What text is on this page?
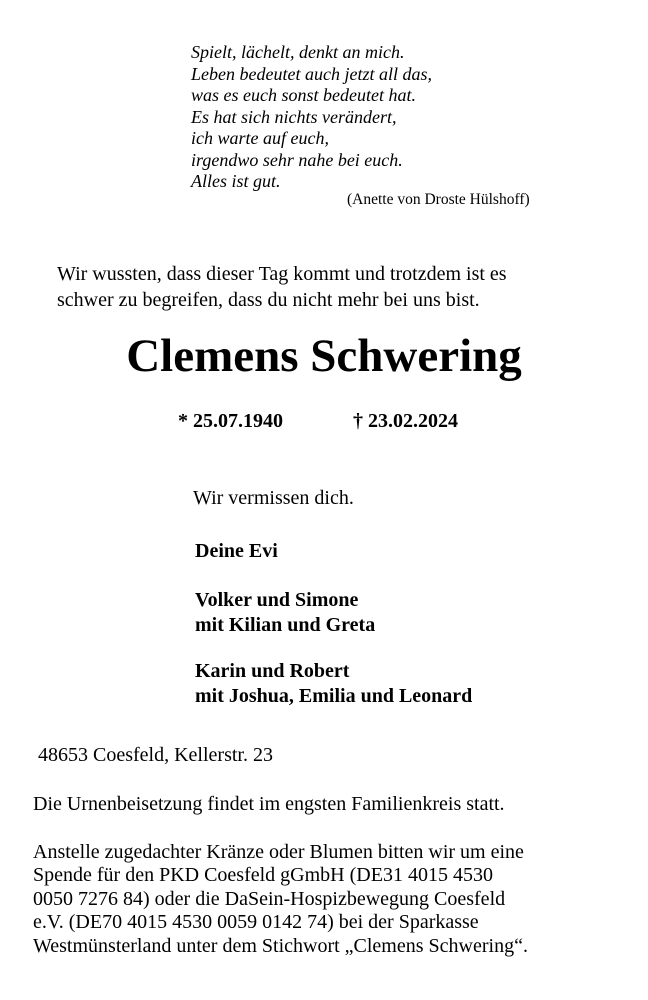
Spielt, lächelt, denkt an mich.
Leben bedeutet auch jetzt all das,
was es euch sonst bedeutet hat.
Es hat sich nichts verändert,
ich warte auf euch,
irgendwo sehr nahe bei euch.
Alles ist gut.
(Anette von Droste Hülshoff)
Wir wussten, dass dieser Tag kommt und trotzdem ist es
schwer zu begreifen, dass du nicht mehr bei uns bist.
Clemens Schwering
* 25.07.1940	† 23.02.2024
Wir vermissen dich.
Deine Evi
Volker und Simone
mit Kilian und Greta
Karin und Robert
mit Joshua, Emilia und Leonard
48653 Coesfeld, Kellerstr. 23
Die Urnenbeisetzung findet im engsten Familienkreis statt.
Anstelle zugedachter Kränze oder Blumen bitten wir um eine
Spende für den PKD Coesfeld gGmbH (DE31 4015 4530
0050 7276 84) oder die DaSein-Hospizbewegung Coesfeld
e.V. (DE70 4015 4530 0059 0142 74) bei der Sparkasse
Westmünsterland unter dem Stichwort „Clemens Schwering“.
